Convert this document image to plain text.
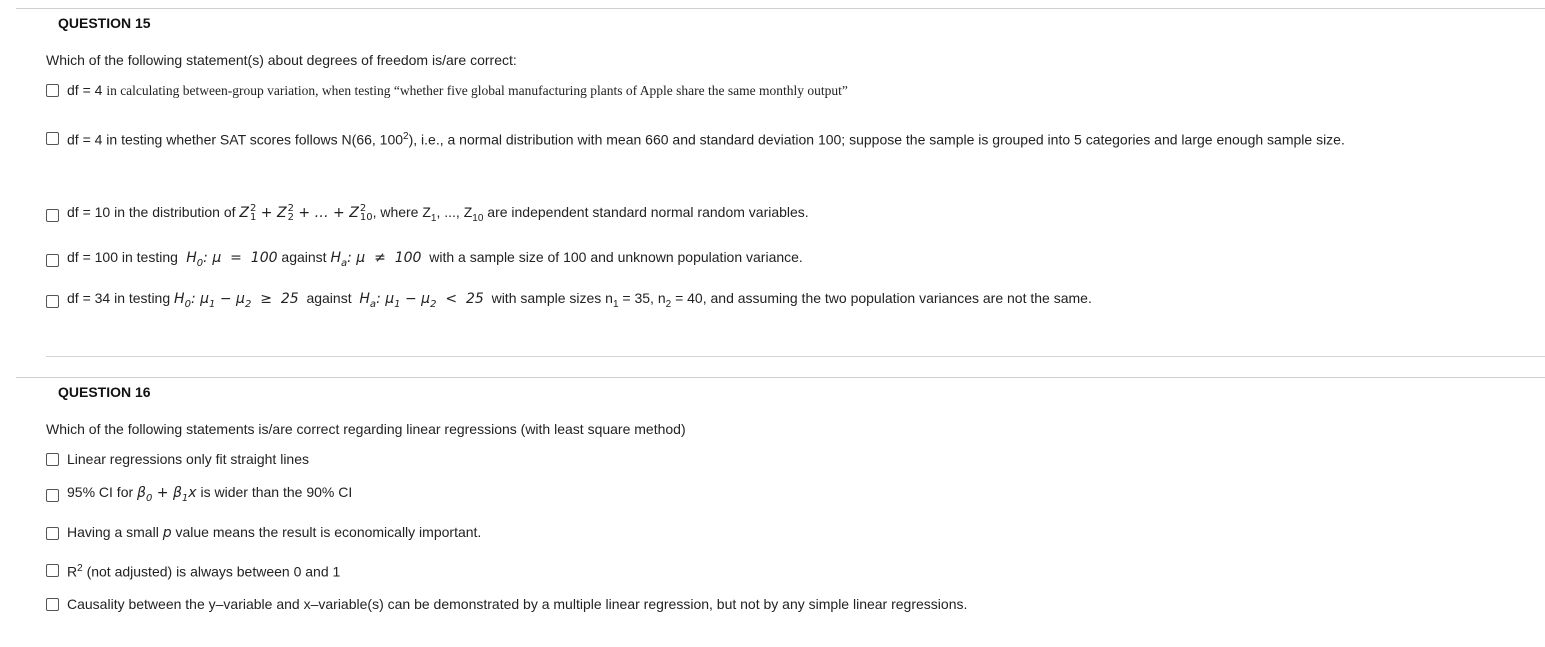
QUESTION 15
Which of the following statement(s) about degrees of freedom is/are correct:
df = 4 in calculating between-group variation, when testing “whether five global manufacturing plants of Apple share the same monthly output”
df = 4 in testing whether SAT scores follows N(66, $100^2$), i.e., a normal distribution with mean 660 and standard deviation 100; suppose the sample is grouped into 5 categories and large enough sample size.
df = 10 in the distribution of Z 2
1 + Z 2
2 + … + Z 2
10 , where $Z_1$, ..., $Z_{10}$ are independent standard normal random variables.
df = 100 in testing  $H_0$: μ  =  100 against $H_a$: μ  ≠  100 with a sample size of 100 and unknown population variance.
df = 34 in testing $H_0$: $\mu_1 - \mu_2 \ge 25$ against $H_a$: $\mu_1 - \mu_2 < 25$ with sample sizes $n_1 = 35$, $n_2 = 40$, and assuming the two population variances are not the same.
QUESTION 16
Which of the following statements is/are correct regarding linear regressions (with least square method)
Linear regressions only fit straight lines
95% CI for $\beta_0 + \beta_1x$ is wider than the 90% CI
Having a small p value means the result is economically important.
$R^2$ (not adjusted) is always between 0 and 1
Causality between the y–variable and x–variable(s) can be demonstrated by a multiple linear regression, but not by any simple linear regressions.
